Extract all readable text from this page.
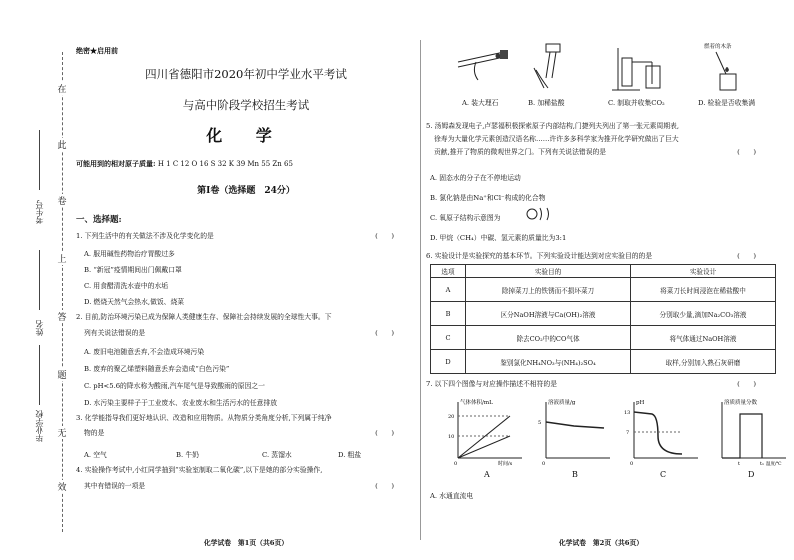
在
此
卷
上
答
题
无
效
考生号
姓名
毕业学校
绝密★启用前
四川省德阳市2020年初中学业水平考试
与高中阶段学校招生考试
化 学
可能用到的相对原子质量: H 1 C 12 O 16 S 32 K 39 Mn 55 Zn 65
第Ⅰ卷（选择题　24分）
一、选择题:
1. 下列生活中的有关做法不涉及化学变化的是	(　　)
A. 服用碱性药物治疗胃酸过多
B. “新冠”疫情期间出门佩戴口罩
C. 用食醋清洗水壶中的水垢
D. 燃烧天然气会热水,做饭、烧菜
2. 目前,防治环境污染已成为保障人类健康生存、保障社会持续发展的全球性大事。下
列有关说法错误的是	(　　)
A. 废旧电池随意丢弃,不会造成环境污染
B. 废弃的聚乙烯塑料随意丢弃会造成“白色污染”
C. pH<5.6的降水称为酸雨,汽车尾气是导致酸雨的原因之一
D. 水污染主要样子于工业废水、农业废水和生活污水的任意排放
3. 化学能指导我们更好地认识、改造和应用物质。从物质分类角度分析,下列属于纯净
物的是	(　　)
A. 空气	B. 牛奶	C. 蒸馏水	D. 粗盐
4. 实验操作考试中,小红同学抽到“实验室制取二氧化碳”,以下是她的部分实验操作,
其中有错误的一项是	(　　)
化学试卷　第1页（共6页）
燃着的木条
A. 装大理石	B. 加稀盐酸	C. 制取并收集CO₂	D. 检验是否收集满
5. 汤姆森发现电子,卢瑟福积极探索原子内部结构,门捷列夫列出了第一张元素周期表,
徐寿为大量化学元素创造汉语名称……许许多多科学家为推开化学研究做出了巨大
贡献,推开了物质的微观世界之门。下列有关说法错误的是	(　　)
A. 固态水的分子在不停地运动
B. 氯化钠是由Na⁺和Cl⁻构成的化合物
C. 氧原子结构示意图为
D. 甲烷（CH₄）中碳、氢元素的质量比为3:1
6. 实验设计是实验探究的基本环节。下列实验设计能达到对应实验目的的是	(　　)
选项	实验目的	实验设计
A	除掉菜刀上的铁锈而不损坏菜刀	将菜刀长时间浸泡在稀盐酸中
B	区分NaOH溶液与Ca(OH)₂溶液	分别取少量,滴加Na₂CO₃溶液
C	除去CO₂中的CO气体	将气体通过NaOH溶液
D	鉴别氯化NH₄NO₃与(NH₄)₂SO₄	取样,分别加入熟石灰研磨
7. 以下四个图像与对应操作描述不相符的是	(　　)
气体体积/mL
20
10
0	时间/s
溶液质量/g
5
0
pH
13
7
0
溶质质量分数
t	t₁ 温度/℃
A	B	C	D
A. 水通直流电
化学试卷　第2页（共6页）
